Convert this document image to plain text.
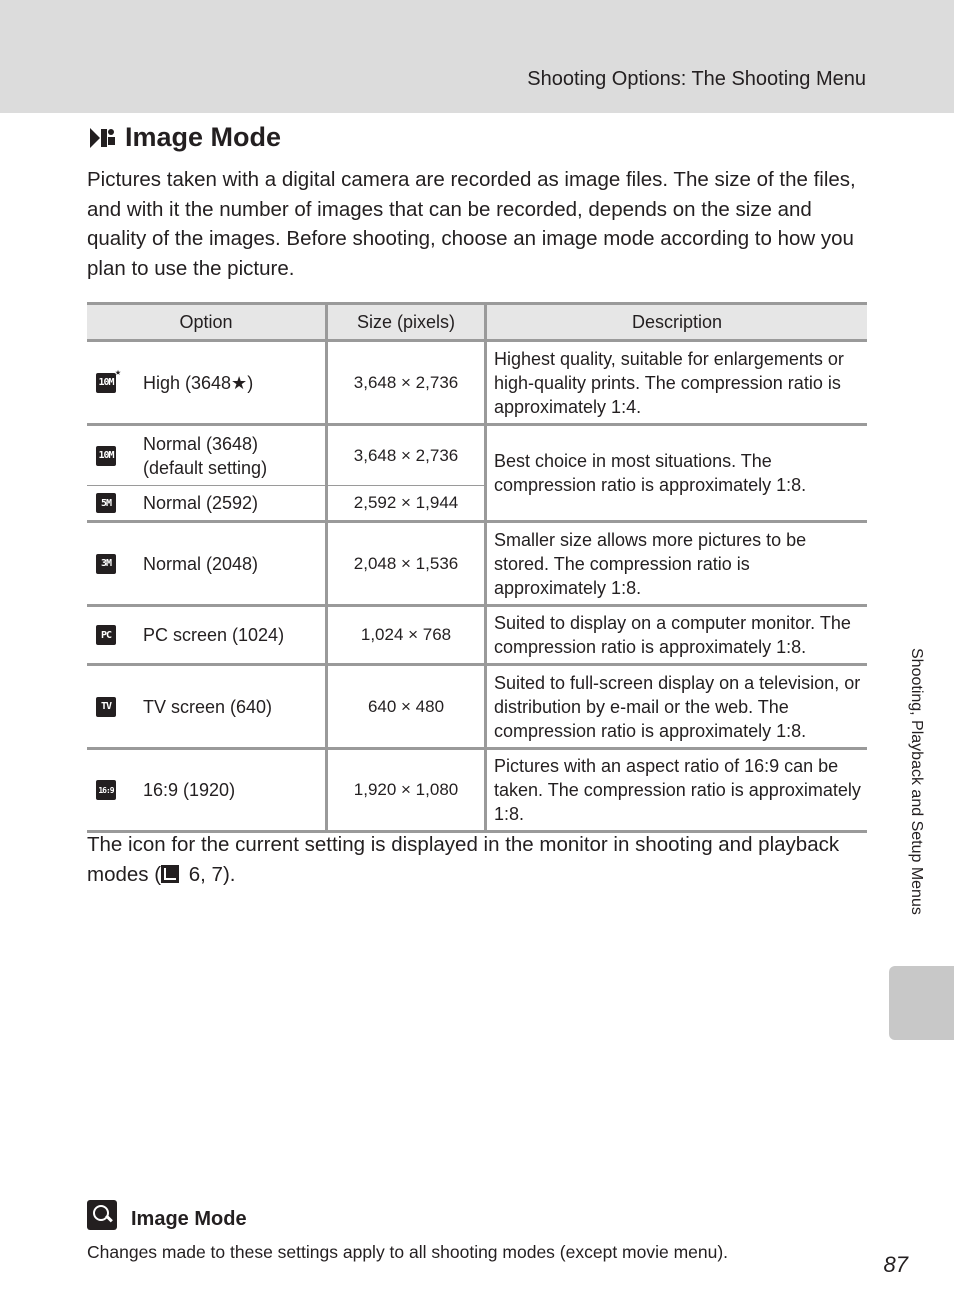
Shooting Options: The Shooting Menu
Image Mode
Pictures taken with a digital camera are recorded as image files. The size of the files, and with it the number of images that can be recorded, depends on the size and quality of the images. Before shooting, choose an image mode according to how you plan to use the picture.
Option	Size (pixels)	Description

10M
★
High (3648★)	3,648 × 2,736	Highest quality, suitable for enlargements or high-quality prints. The compression ratio is approximately 1:4.

10M
Normal (3648)
(default setting)	3,648 × 2,736	Best choice in most situations. The compression ratio is approximately 1:8.

5M Normal (2592)	2,592 × 1,944	

3M Normal (2048)	2,048 × 1,536	Smaller size allows more pictures to be stored. The compression ratio is approximately 1:8.

PC PC screen (1024)	1,024 × 768	Suited to display on a computer monitor. The compression ratio is approximately 1:8.

TV TV screen (640)	640 × 480	Suited to full-screen display on a television, or distribution by e-mail or the web. The compression ratio is approximately 1:8.

16:9 16:9 (1920)	1,920 × 1,080	Pictures with an aspect ratio of 16:9 can be taken. The compression ratio is approximately 1:8.
The icon for the current setting is displayed in the monitor in shooting and playback modes ( 6, 7).	Shooting, Playback and Setup Menus
Image Mode
Changes made to these settings apply to all shooting modes (except movie menu).	87
